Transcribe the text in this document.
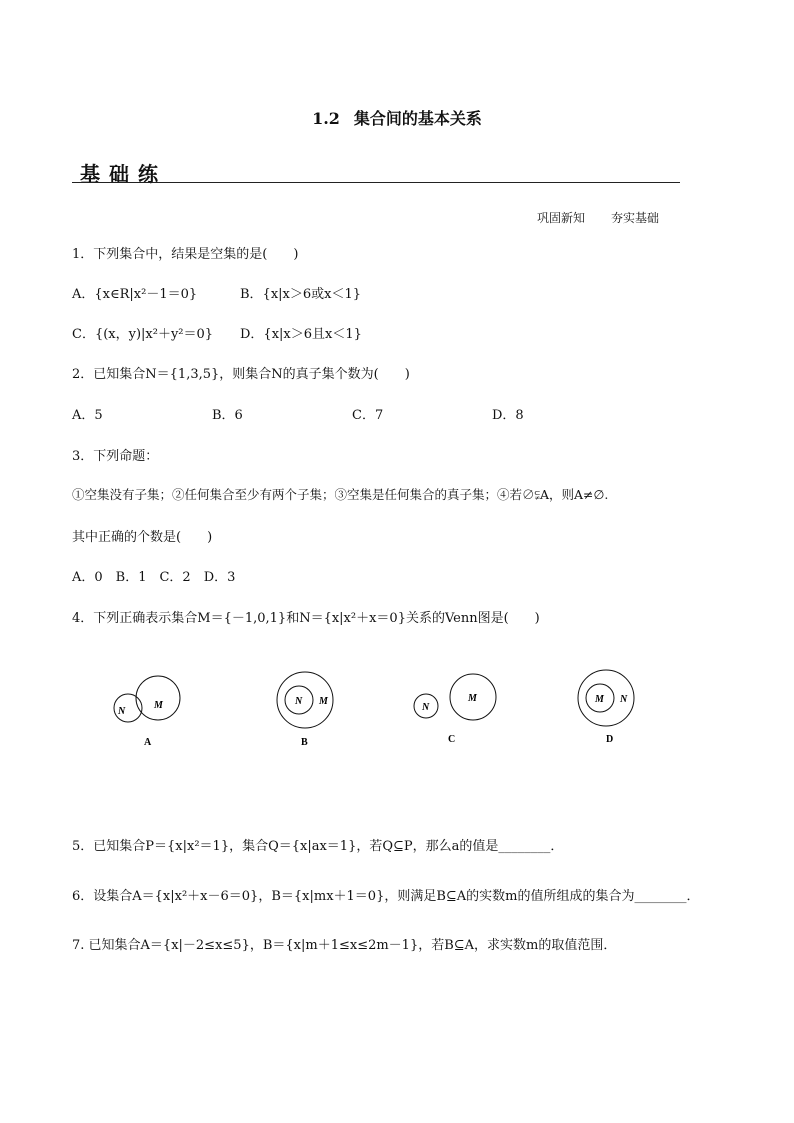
1.2 集合间的基本关系
基础练
巩固新知 夯实基础
1．下列集合中，结果是空集的是(　　)
A．{x∈R|x²－1＝0}	B．{x|x＞6或x＜1}
C．{(x，y)|x²＋y²＝0} D．{x|x＞6且x＜1}
2．已知集合N＝{1,3,5}，则集合N的真子集个数为(　　)
A．5	B．6	C．7	D．8
3．下列命题：
①空集没有子集；②任何集合至少有两个子集；③空集是任何集合的真子集；④若∅⫋A，则A≠∅.
其中正确的个数是(　　)
A．0　B．1　C．2　D．3
4．下列正确表示集合M＝{－1,0,1}和N＝{x|x²＋x＝0}关系的Venn图是(　　)
M
N
A
N M
B
N
M
C
M N
D
5．已知集合P＝{x|x²＝1}，集合Q＝{x|ax＝1}，若Q⊆P，那么a的值是________．
6．设集合A＝{x|x²＋x－6＝0}，B＝{x|mx＋1＝0}，则满足B⊆A的实数m的值所组成的集合为________．
7. 已知集合A＝{x|－2≤x≤5}，B＝{x|m＋1≤x≤2m－1}，若B⊆A，求实数m的取值范围．
